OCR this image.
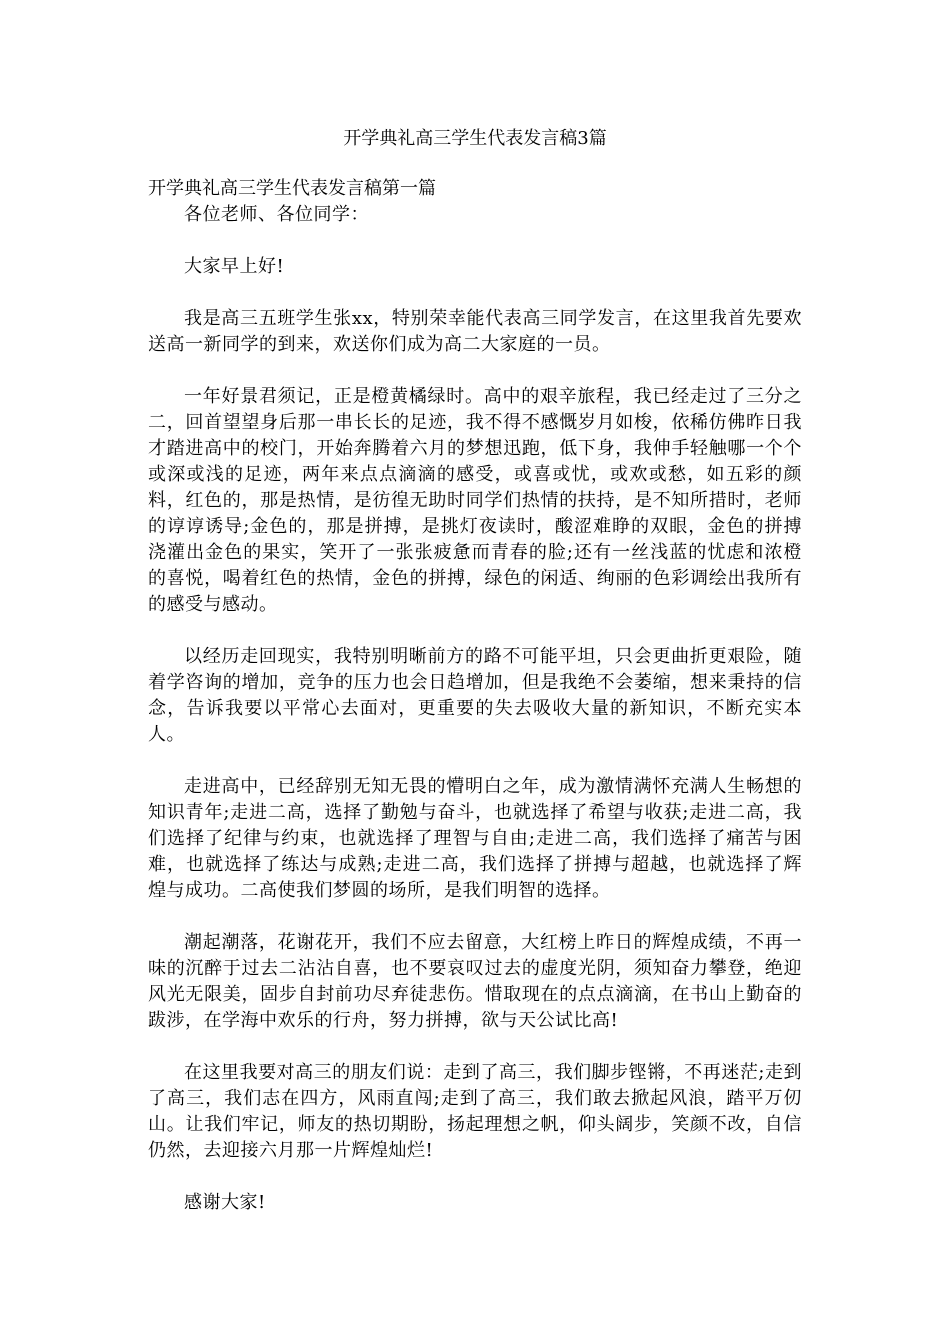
开学典礼高三学生代表发言稿3篇
开学典礼高三学生代表发言稿第一篇

各位老师、各位同学：

大家早上好!

我是高三五班学生张xx，特别荣幸能代表高三同学发言，在这里我首先要欢送高一新同学的到来，欢送你们成为高二大家庭的一员。

一年好景君须记，正是橙黄橘绿时。高中的艰辛旅程，我已经走过了三分之二，回首望望身后那一串长长的足迹，我不得不感慨岁月如梭，依稀仿佛昨日我才踏进高中的校门，开始奔腾着六月的梦想迅跑，低下身，我伸手轻触哪一个个或深或浅的足迹，两年来点点滴滴的感受，或喜或忧，或欢或愁，如五彩的颜料，红色的，那是热情，是彷徨无助时同学们热情的扶持，是不知所措时，老师的谆谆诱导;金色的，那是拼搏，是挑灯夜读时，酸涩难睁的双眼，金色的拼搏浇灌出金色的果实，笑开了一张张疲惫而青春的脸;还有一丝浅蓝的忧虑和浓橙的喜悦，喝着红色的热情，金色的拼搏，绿色的闲适、绚丽的色彩调绘出我所有的感受与感动。

以经历走回现实，我特别明晰前方的路不可能平坦，只会更曲折更艰险，随着学咨询的增加，竞争的压力也会日趋增加，但是我绝不会萎缩，想来秉持的信念，告诉我要以平常心去面对，更重要的失去吸收大量的新知识，不断充实本人。

走进高中，已经辞别无知无畏的懵明白之年，成为激情满怀充满人生畅想的知识青年;走进二高，选择了勤勉与奋斗，也就选择了希望与收获;走进二高，我们选择了纪律与约束，也就选择了理智与自由;走进二高，我们选择了痛苦与困难，也就选择了练达与成熟;走进二高，我们选择了拼搏与超越，也就选择了辉煌与成功。二高使我们梦圆的场所，是我们明智的选择。

潮起潮落，花谢花开，我们不应去留意，大红榜上昨日的辉煌成绩，不再一味的沉醉于过去二沾沾自喜，也不要哀叹过去的虚度光阴，须知奋力攀登，绝迎风光无限美，固步自封前功尽弃徒悲伤。惜取现在的点点滴滴，在书山上勤奋的跋涉，在学海中欢乐的行舟，努力拼搏，欲与天公试比高!

在这里我要对高三的朋友们说：走到了高三，我们脚步铿锵，不再迷茫;走到了高三，我们志在四方，风雨直闯;走到了高三，我们敢去掀起风浪，踏平万仞山。让我们牢记，师友的热切期盼，扬起理想之帆，仰头阔步，笑颜不改，自信仍然，去迎接六月那一片辉煌灿烂!

感谢大家!
